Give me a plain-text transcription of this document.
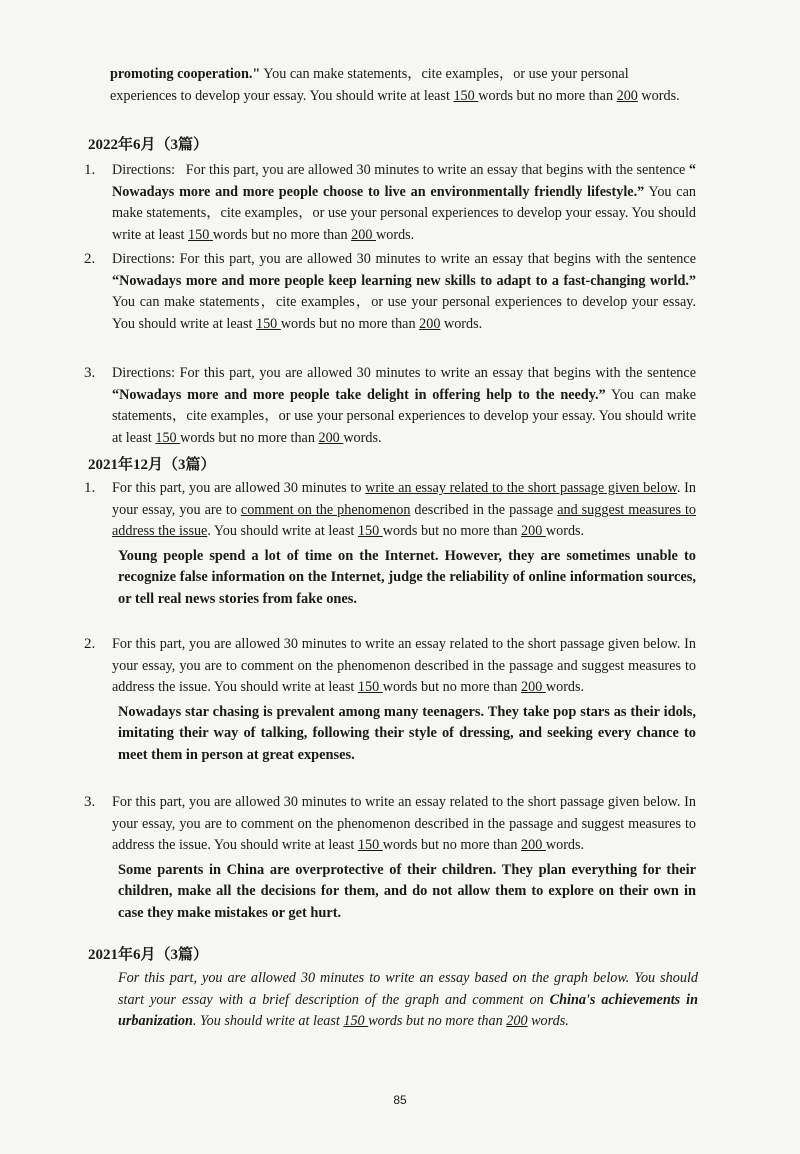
promoting cooperation." You can make statements，cite examples，or use your personal experiences to develop your essay. You should write at least 150 words but no more than 200 words.

2022年6月（3篇）
1. Directions:   For this part, you are allowed 30 minutes to write an essay that begins with the sentence “ Nowadays more and more people choose to live an environmentally friendly lifestyle.” You can make statements，cite examples，or use your personal experiences to develop your essay. You should write at least 150 words but no more than 200 words.
2. Directions: For this part, you are allowed 30 minutes to write an essay that begins with the sentence “Nowadays more and more people keep learning new skills to adapt to a fast-changing world.” You can make statements，cite examples，or use your personal experiences to develop your essay. You should write at least 150 words but no more than 200 words.
3. Directions: For this part, you are allowed 30 minutes to write an essay that begins with the sentence “Nowadays more and more people take delight in offering help to the needy.” You can make statements，cite examples，or use your personal experiences to develop your essay. You should write at least 150 words but no more than 200 words.
2021年12月（3篇）
1. For this part, you are allowed 30 minutes to write an essay related to the short passage given below. In your essay, you are to comment on the phenomenon described in the passage and suggest measures to address the issue. You should write at least 150 words but no more than 200 words.
Young people spend a lot of time on the Internet. However, they are sometimes unable to recognize false information on the Internet, judge the reliability of online information sources, or tell real news stories from fake ones.
2. For this part, you are allowed 30 minutes to write an essay related to the short passage given below. In your essay, you are to comment on the phenomenon described in the passage and suggest measures to address the issue. You should write at least 150 words but no more than 200 words.
Nowadays star chasing is prevalent among many teenagers. They take pop stars as their idols, imitating their way of talking, following their style of dressing, and seeking every chance to meet them in person at great expenses.
3. For this part, you are allowed 30 minutes to write an essay related to the short passage given below. In your essay, you are to comment on the phenomenon described in the passage and suggest measures to address the issue. You should write at least 150 words but no more than 200 words.
Some parents in China are overprotective of their children. They plan everything for their children, make all the decisions for them, and do not allow them to explore on their own in case they make mistakes or get hurt.
2021年6月（3篇）
For this part, you are allowed 30 minutes to write an essay based on the graph below. You should start your essay with a brief description of the graph and comment on China's achievements in urbanization. You should write at least 150 words but no more than 200 words.
85
